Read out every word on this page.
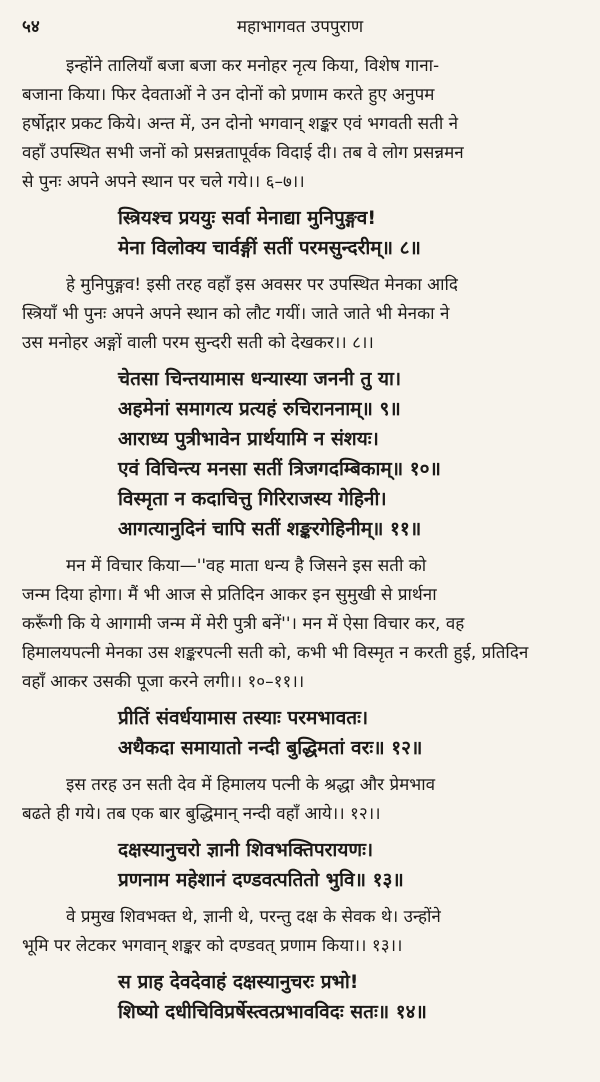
५४	महाभागवत उपपुराण
इन्होंने तालियाँ बजा बजा कर मनोहर नृत्य किया, विशेष गाना-
बजाना किया। फिर देवताओं ने उन दोनों को प्रणाम करते हुए अनुपम
हर्षोद्गार प्रकट किये। अन्त में, उन दोनो भगवान् शङ्कर एवं भगवती सती ने
वहाँ उपस्थित सभी जनों को प्रसन्नतापूर्वक विदाई दी। तब वे लोग प्रसन्नमन
से पुनः अपने अपने स्थान पर चले गये।। ६–७।।
स्त्रियश्च प्रययुः सर्वा मेनाद्या मुनिपुङ्गव!
मेना विलोक्य चार्वङ्गीं सतीं परमसुन्दरीम्॥ ८॥
हे मुनिपुङ्गव! इसी तरह वहाँ इस अवसर पर उपस्थित मेनका आदि
स्त्रियाँ भी पुनः अपने अपने स्थान को लौट गयीं। जाते जाते भी मेनका ने
उस मनोहर अङ्गों वाली परम सुन्दरी सती को देखकर।। ८।।
चेतसा चिन्तयामास धन्यास्या जननी तु या।
अहमेनां समागत्य प्रत्यहं रुचिराननाम्॥ ९॥
आराध्य पुत्रीभावेन प्रार्थयामि न संशयः।
एवं विचिन्त्य मनसा सतीं त्रिजगदम्बिकाम्॥ १०॥
विस्मृता न कदाचित्तु गिरिराजस्य गेहिनी।
आगत्यानुदिनं चापि सतीं शङ्करगेहिनीम्॥ ११॥
मन में विचार किया—''वह माता धन्य है जिसने इस सती को
जन्म दिया होगा। मैं भी आज से प्रतिदिन आकर इन सुमुखी से प्रार्थना
करूँगी कि ये आगामी जन्म में मेरी पुत्री बनें''। मन में ऐसा विचार कर, वह
हिमालयपत्नी मेनका उस शङ्करपत्नी सती को, कभी भी विस्मृत न करती हुई, प्रतिदिन
वहाँ आकर उसकी पूजा करने लगी।। १०–११।।
प्रीतिं संवर्धयामास तस्याः परमभावतः।
अथैकदा समायातो नन्दी बुद्धिमतां वरः॥ १२॥
इस तरह उन सती देव में हिमालय पत्नी के श्रद्धा और प्रेमभाव
बढते ही गये। तब एक बार बुद्धिमान् नन्दी वहाँ आये।। १२।।
दक्षस्यानुचरो ज्ञानी शिवभक्तिपरायणः।
प्रणनाम महेशानं दण्डवत्पतितो भुवि॥ १३॥
वे प्रमुख शिवभक्त थे, ज्ञानी थे, परन्तु दक्ष के सेवक थे। उन्होंने
भूमि पर लेटकर भगवान् शङ्कर को दण्डवत् प्रणाम किया।। १३।।
स प्राह देवदेवाहं दक्षस्यानुचरः प्रभो!
शिष्यो दधीचिविप्रर्षेस्त्वत्प्रभावविदः सतः॥ १४॥
